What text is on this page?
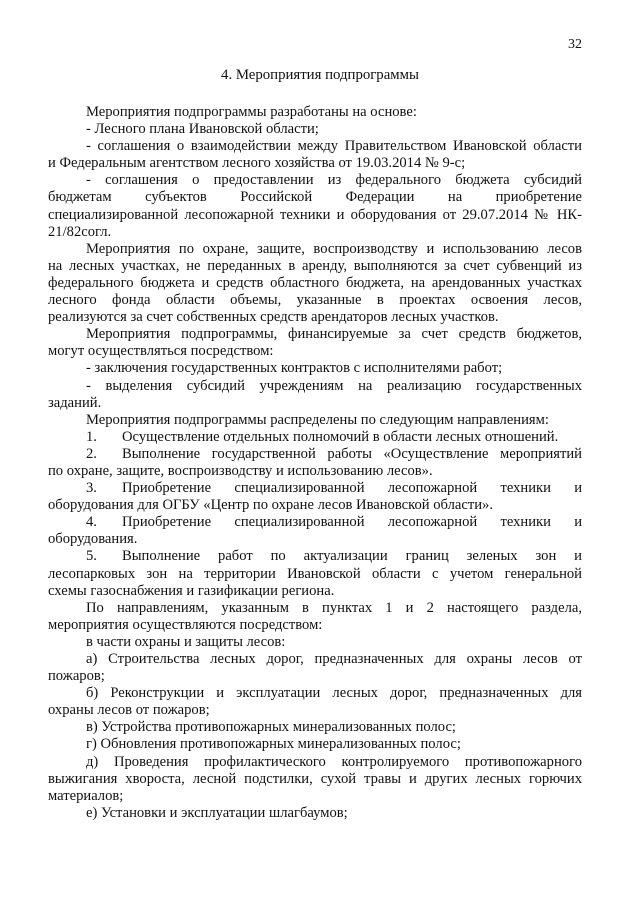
32
4. Мероприятия подпрограммы

Мероприятия подпрограммы разработаны на основе:

- Лесного плана Ивановской области;

- соглашения о взаимодействии между Правительством Ивановской области

и Федеральным агентством лесного хозяйства от 19.03.2014 № 9-с;

- соглашения о предоставлении из федерального бюджета субсидий

бюджетам субъектов Российской Федерации на приобретение

специализированной лесопожарной техники и оборудования от 29.07.2014 № НК-

21/82согл.

Мероприятия по охране, защите, воспроизводству и использованию лесов

на лесных участках, не переданных в аренду, выполняются за счет субвенций из

федерального бюджета и средств областного бюджета, на арендованных участках

лесного фонда области объемы, указанные в проектах освоения лесов,

реализуются за счет собственных средств арендаторов лесных участков.

Мероприятия подпрограммы, финансируемые за счет средств бюджетов,

могут осуществляться посредством:

- заключения государственных контрактов с исполнителями работ;

- выделения субсидий учреждениям на реализацию государственных

заданий.

Мероприятия подпрограммы распределены по следующим направлениям:

1.	Осуществление отдельных полномочий в области лесных отношений.

2.	Выполнение государственной работы «Осуществление мероприятий

по охране, защите, воспроизводству и использованию лесов».

3.	Приобретение специализированной лесопожарной техники и

оборудования для ОГБУ «Центр по охране лесов Ивановской области».

4.	Приобретение специализированной лесопожарной техники и

оборудования.

5.	Выполнение работ по актуализации границ зеленых зон и

лесопарковых зон на территории Ивановской области с учетом генеральной

схемы газоснабжения и газификации региона.

По направлениям, указанным в пунктах 1 и 2 настоящего раздела,

мероприятия осуществляются посредством:

в части охраны и защиты лесов:

а) Строительства лесных дорог, предназначенных для охраны лесов от

пожаров;

б) Реконструкции и эксплуатации лесных дорог, предназначенных для

охраны лесов от пожаров;

в) Устройства противопожарных минерализованных полос;

г) Обновления противопожарных минерализованных полос;

д) Проведения профилактического контролируемого противопожарного

выжигания хвороста, лесной подстилки, сухой травы и других лесных горючих

материалов;

е) Установки и эксплуатации шлагбаумов;
